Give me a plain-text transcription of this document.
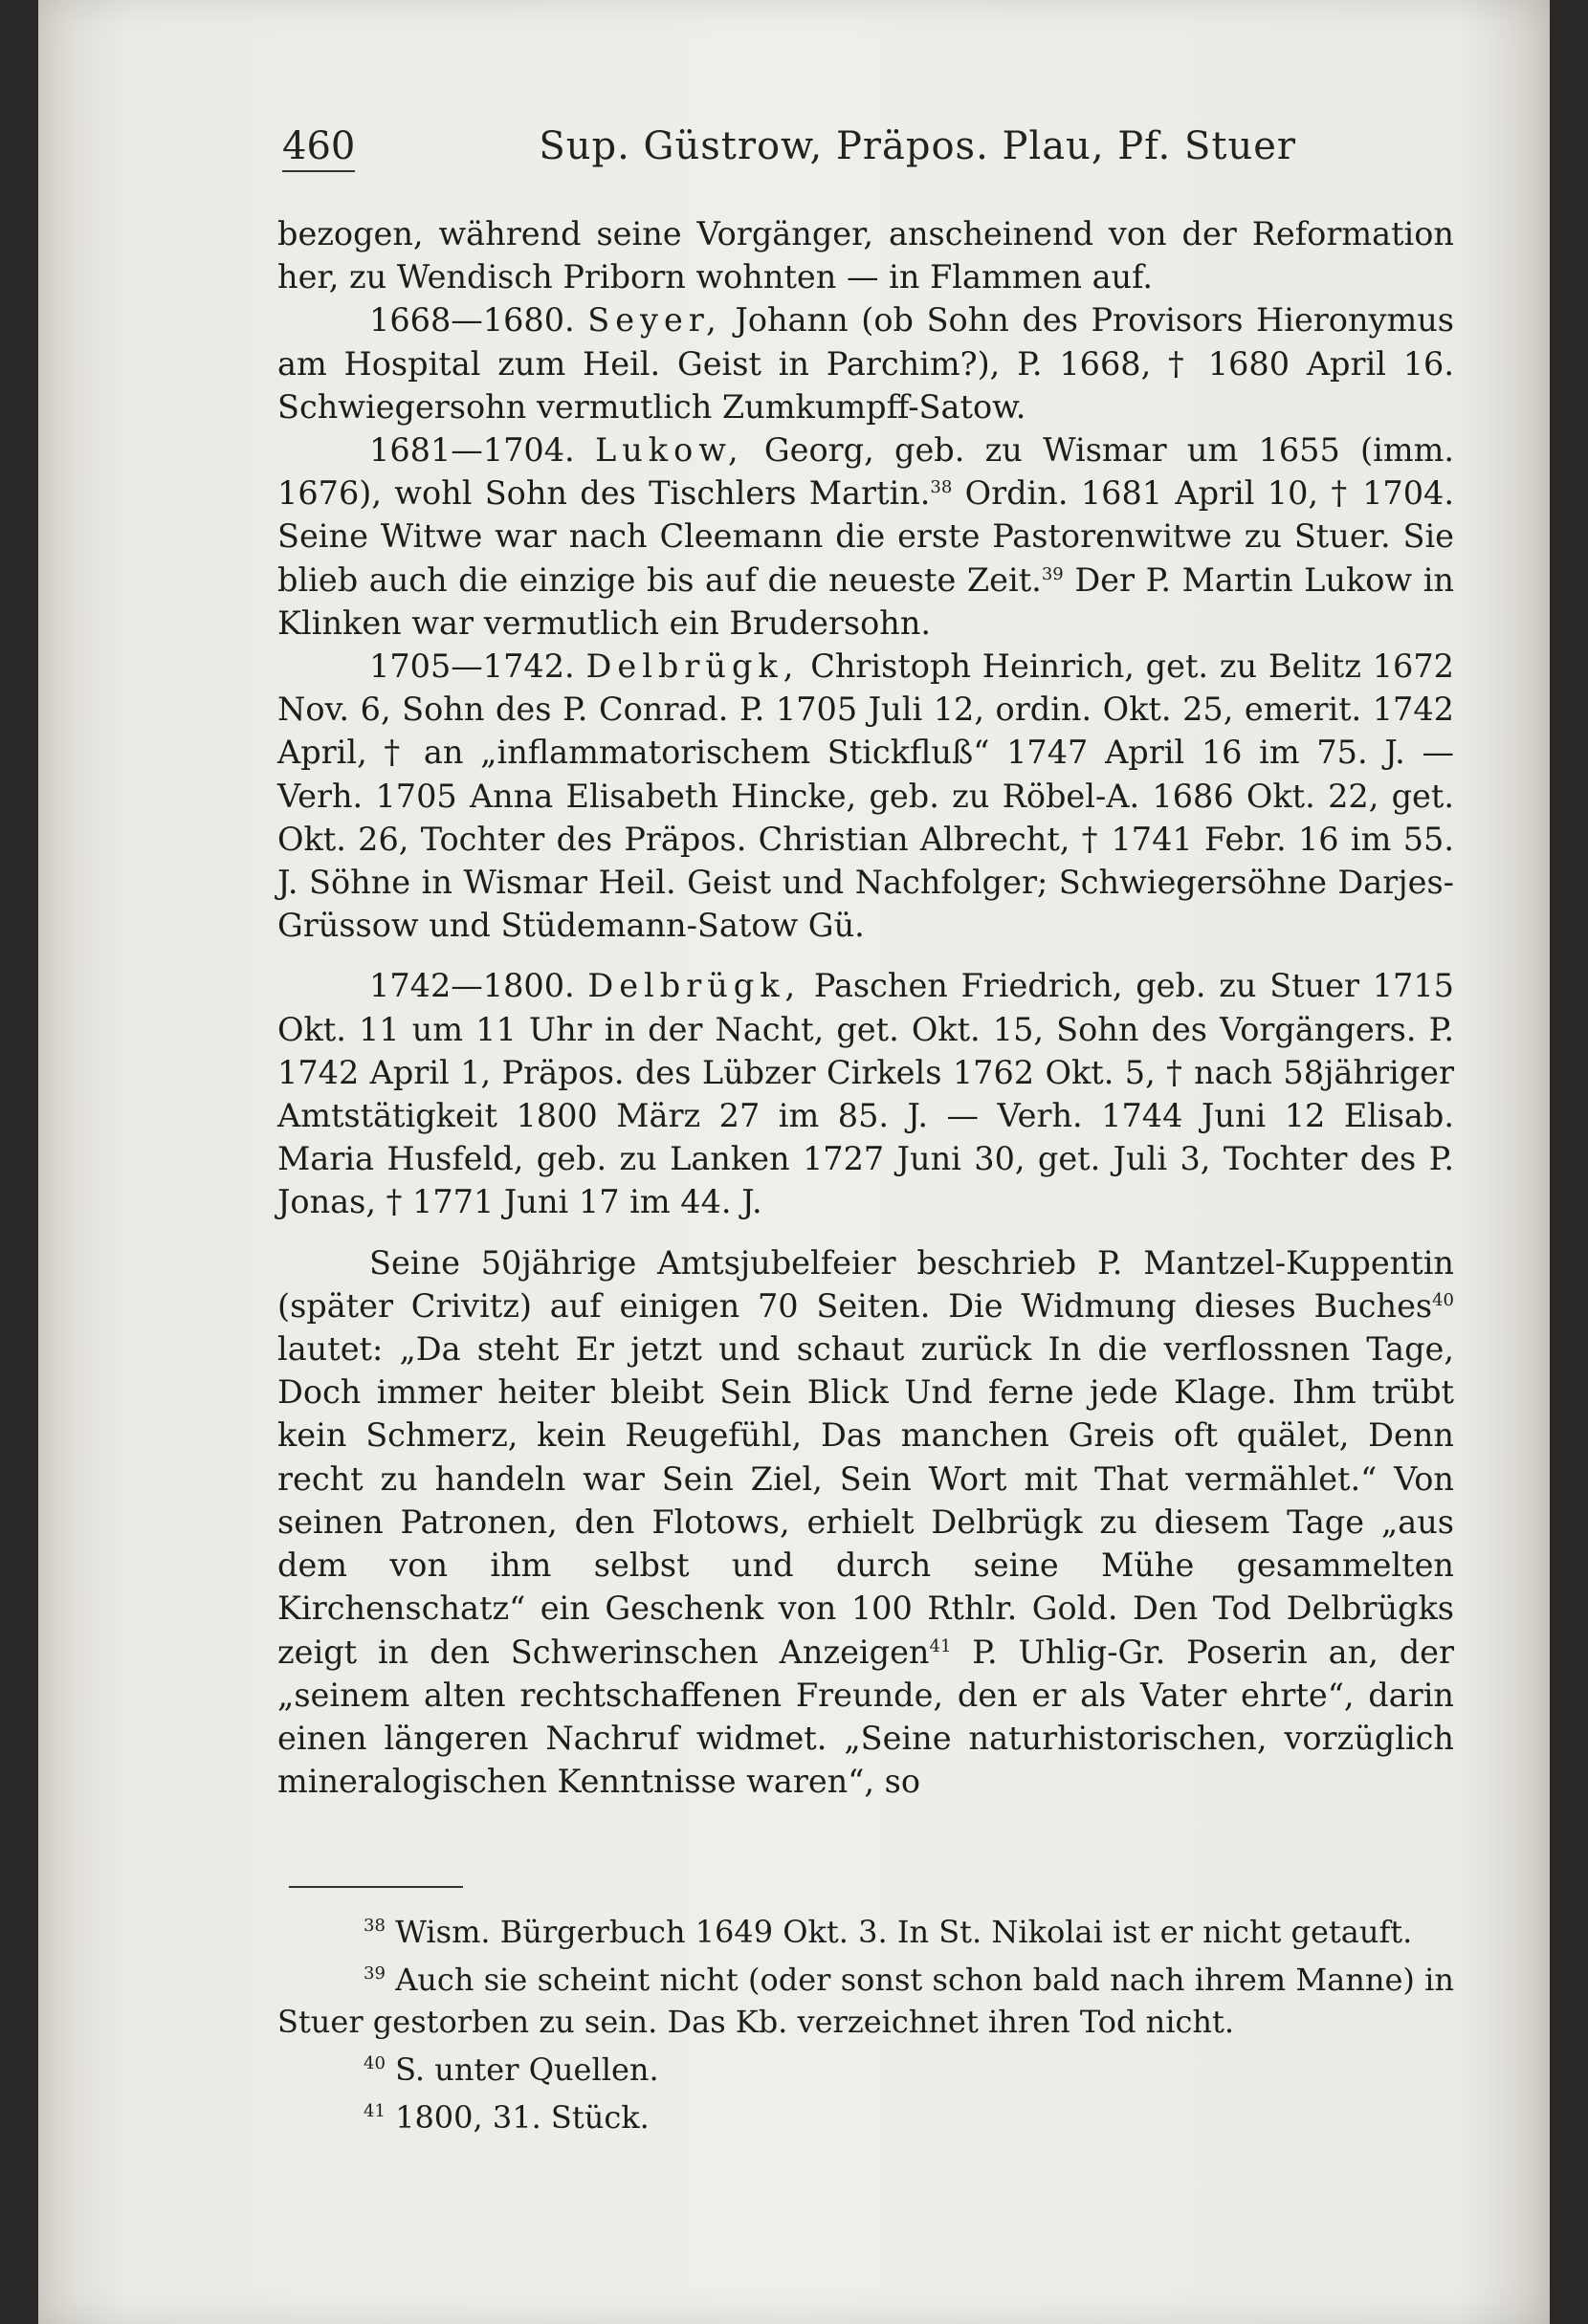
460	Sup. Güstrow, Präpos. Plau, Pf. Stuer

bezogen, während seine Vorgänger, anscheinend von der Reformation her, zu Wendisch Priborn wohnten — in Flammen auf.

1668—1680. Seyer, Johann (ob Sohn des Provisors Hieronymus am Hospital zum Heil. Geist in Parchim?), P. 1668, † 1680 April 16. Schwiegersohn vermutlich Zumkumpff-Satow.

1681—1704. Lukow, Georg, geb. zu Wismar um 1655 (imm. 1676), wohl Sohn des Tischlers Martin.$^{38}$ Ordin. 1681 April 10, † 1704. Seine Witwe war nach Cleemann die erste Pastorenwitwe zu Stuer. Sie blieb auch die einzige bis auf die neueste Zeit.$^{39}$ Der P. Martin Lukow in Klinken war vermutlich ein Brudersohn.

1705—1742. Delbrügk, Christoph Heinrich, get. zu Belitz 1672 Nov. 6, Sohn des P. Conrad. P. 1705 Juli 12, ordin. Okt. 25, emerit. 1742 April, † an „inflammatorischem Stickfluß“ 1747 April 16 im 75. J. — Verh. 1705 Anna Elisabeth Hincke, geb. zu Röbel-A. 1686 Okt. 22, get. Okt. 26, Tochter des Präpos. Christian Albrecht, † 1741 Febr. 16 im 55. J. Söhne in Wismar Heil. Geist und Nachfolger; Schwiegersöhne Darjes-Grüssow und Stüdemann-Satow Gü.

1742—1800. Delbrügk, Paschen Friedrich, geb. zu Stuer 1715 Okt. 11 um 11 Uhr in der Nacht, get. Okt. 15, Sohn des Vorgängers. P. 1742 April 1, Präpos. des Lübzer Cirkels 1762 Okt. 5, † nach 58jähriger Amtstätigkeit 1800 März 27 im 85. J. — Verh. 1744 Juni 12 Elisab. Maria Husfeld, geb. zu Lanken 1727 Juni 30, get. Juli 3, Tochter des P. Jonas, † 1771 Juni 17 im 44. J.

Seine 50jährige Amtsjubelfeier beschrieb P. Mantzel-Kuppentin (später Crivitz) auf einigen 70 Seiten. Die Widmung dieses Buches$^{40}$ lautet: „Da steht Er jetzt und schaut zurück In die verflossnen Tage, Doch immer heiter bleibt Sein Blick Und ferne jede Klage. Ihm trübt kein Schmerz, kein Reugefühl, Das manchen Greis oft quälet, Denn recht zu handeln war Sein Ziel, Sein Wort mit That vermählet.“ Von seinen Patronen, den Flotows, erhielt Delbrügk zu diesem Tage „aus dem von ihm selbst und durch seine Mühe gesammelten Kirchenschatz“ ein Geschenk von 100 Rthlr. Gold. Den Tod Delbrügks zeigt in den Schwerinschen Anzeigen$^{41}$ P. Uhlig-Gr. Poserin an, der „seinem alten rechtschaffenen Freunde, den er als Vater ehrte“, darin einen längeren Nachruf widmet. „Seine naturhistorischen, vorzüglich mineralogischen Kenntnisse waren“, so

$^{38}$ Wism. Bürgerbuch 1649 Okt. 3. In St. Nikolai ist er nicht getauft.

$^{39}$ Auch sie scheint nicht (oder sonst schon bald nach ihrem Manne) in Stuer gestorben zu sein. Das Kb. verzeichnet ihren Tod nicht.

$^{40}$ S. unter Quellen.

$^{41}$ 1800, 31. Stück.
